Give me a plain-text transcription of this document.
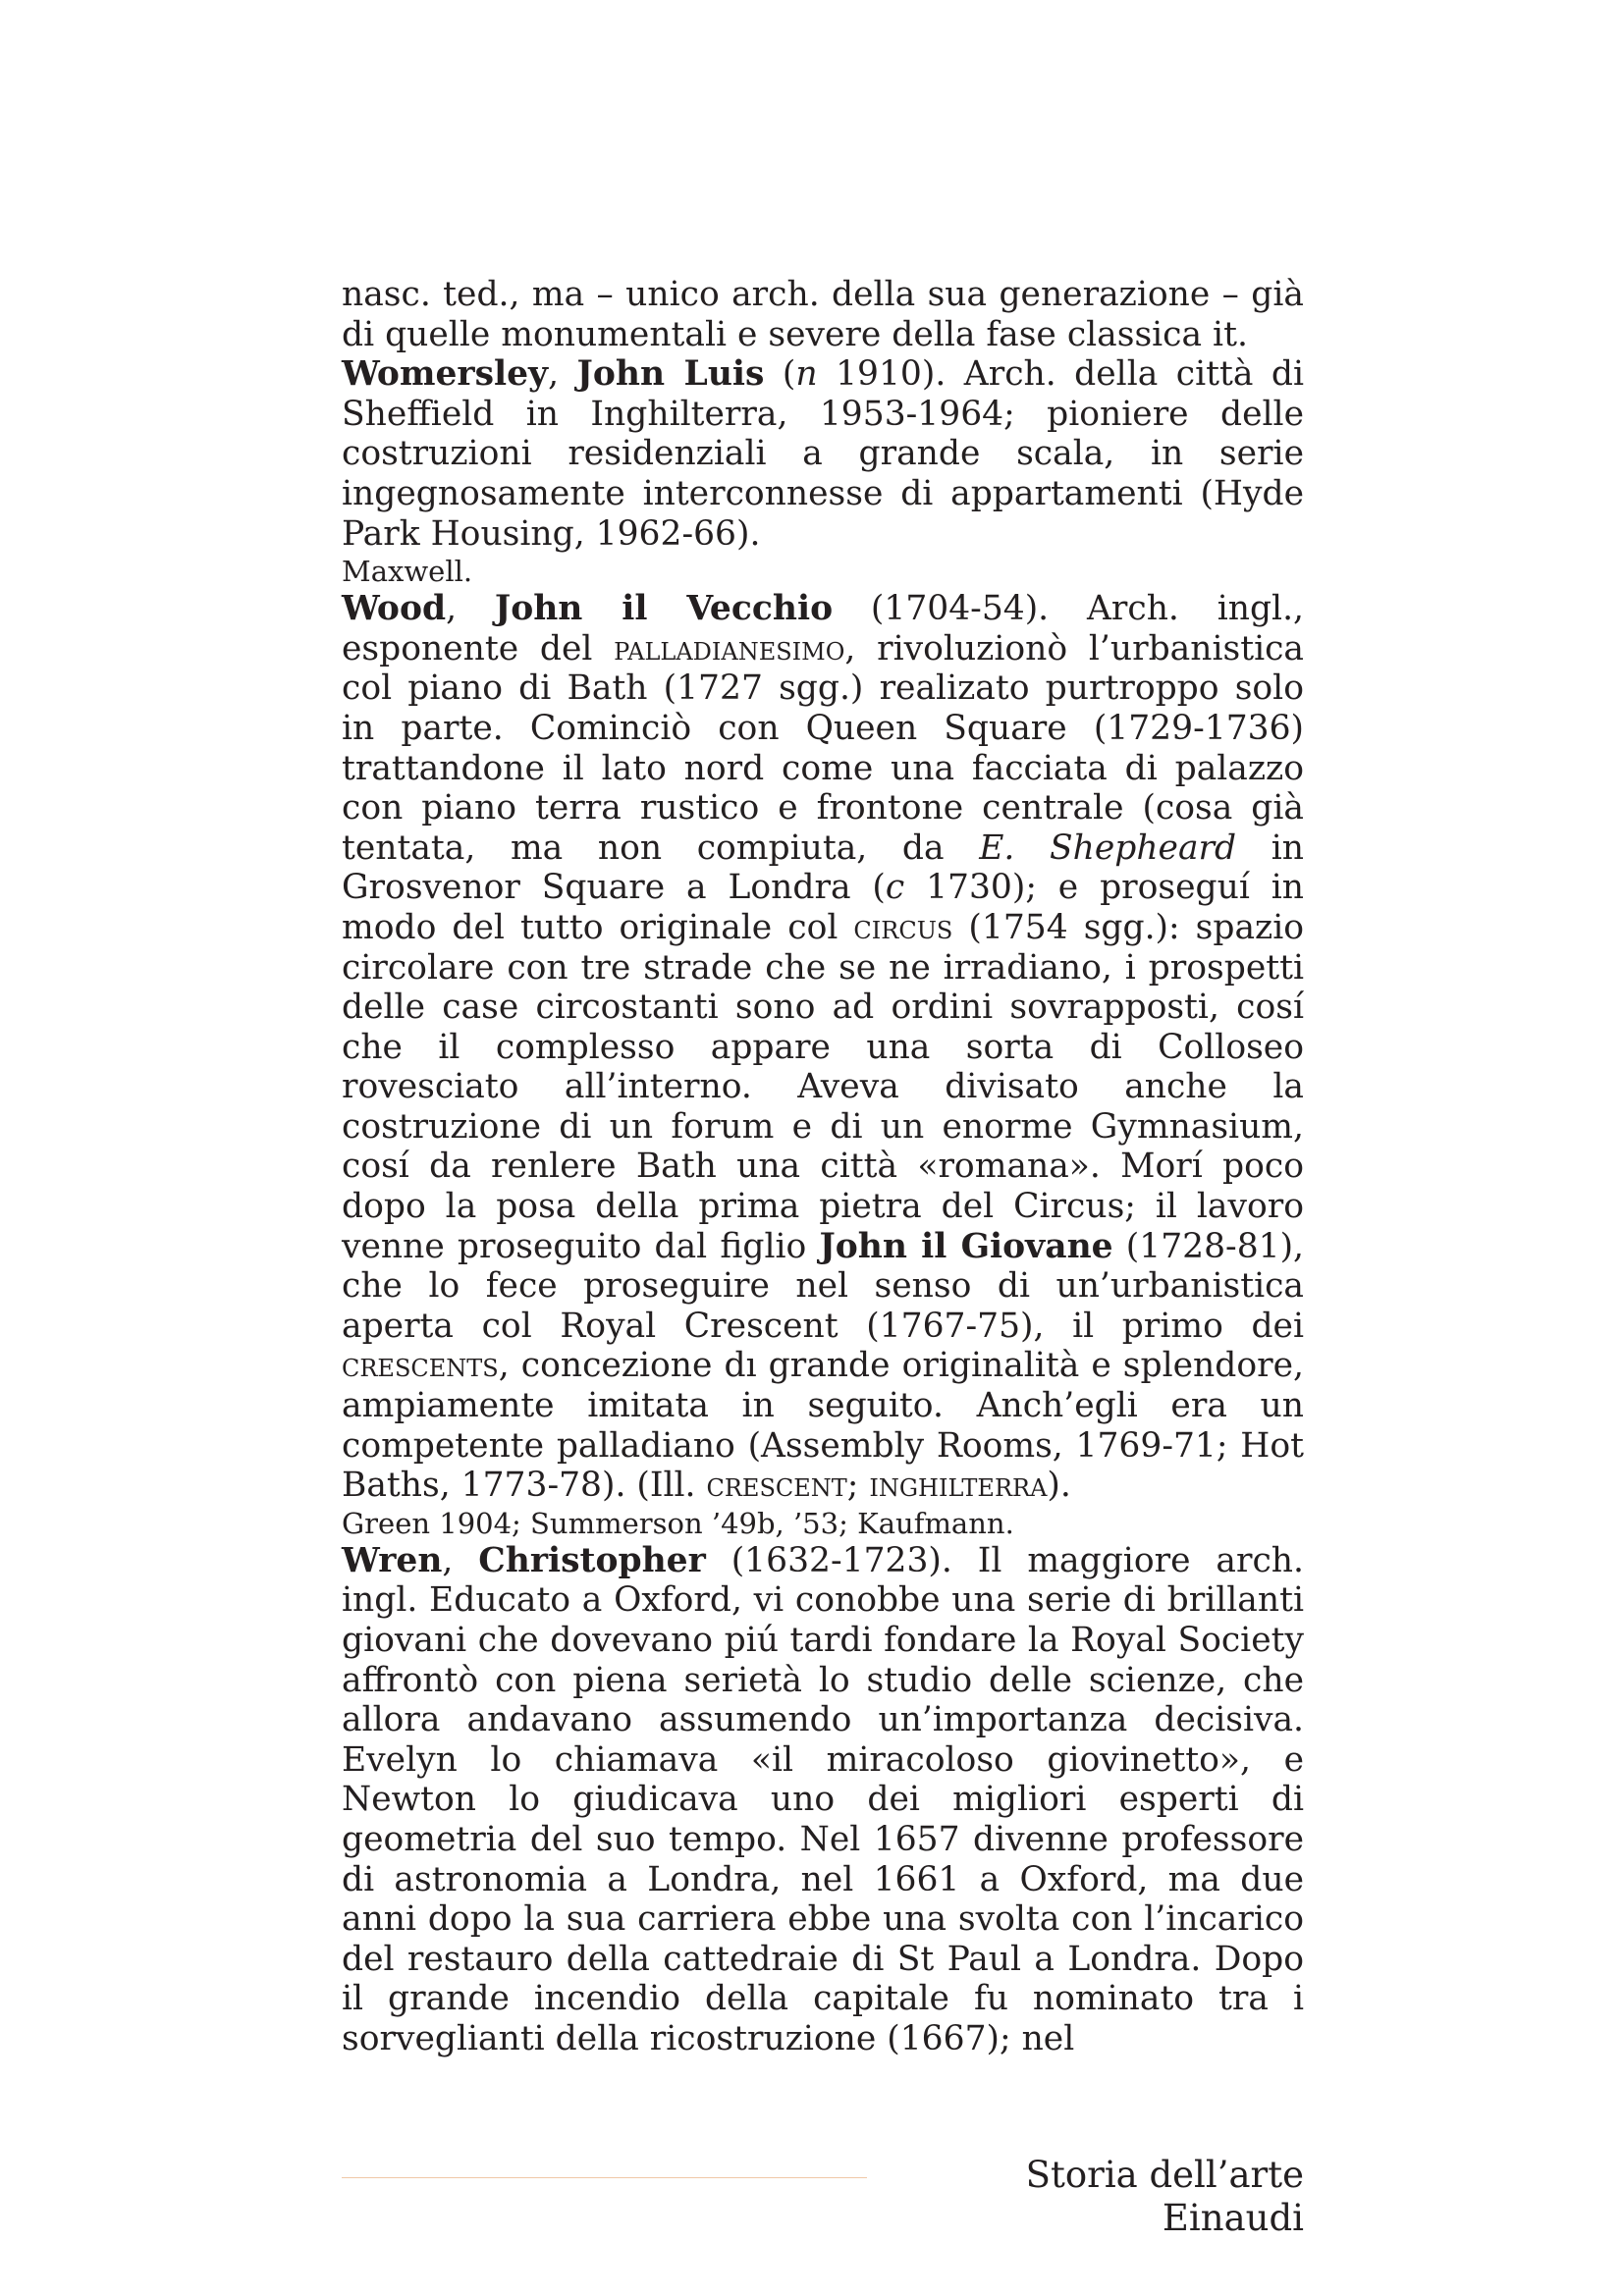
nasc. ted., ma – unico arch. della sua generazione – già di quelle monumentali e severe della fase classica it.

Womersley, John Luis (n 1910). Arch. della città di Sheffield in Inghilterra, 1953-1964; pioniere delle costruzioni residenziali a grande scala, in serie ingegnosamente interconnesse di appartamenti (Hyde Park Housing, 1962-66).

Maxwell.

Wood, John il Vecchio (1704-54). Arch. ingl., esponente del palladianesimo, rivoluzionò l’urbanistica col piano di Bath (1727 sgg.) realizato purtroppo solo in parte. Cominciò con Queen Square (1729-1736) trattandone il lato nord come una facciata di palazzo con piano terra rustico e frontone centrale (cosa già tentata, ma non compiuta, da E. Shepheard in Grosvenor Square a Londra (c 1730); e proseguí in modo del tutto originale col circus (1754 sgg.): spazio circolare con tre strade che se ne irradiano, i prospetti delle case circostanti sono ad ordini sovrapposti, cosí che il complesso appare una sorta di Colloseo rovesciato all’interno. Aveva divisato anche la costruzione di un forum e di un enorme Gymnasium, cosí da renlere Bath una città «romana». Morí poco dopo la posa della prima pietra del Circus; il lavoro venne proseguito dal figlio John il Giovane (1728-81), che lo fece proseguire nel senso di un’urbanistica aperta col Royal Crescent (1767-75), il primo dei crescents, concezione dı grande originalità e splendore, ampiamente imitata in seguito. Anch’egli era un competente palladiano (Assembly Rooms, 1769-71; Hot Baths, 1773-78). (Ill. crescent; inghilterra).

Green 1904; Summerson ’49b, ’53; Kaufmann.

Wren, Christopher (1632-1723). Il maggiore arch. ingl. Educato a Oxford, vi conobbe una serie di brillanti giovani che dovevano piú tardi fondare la Royal Society affrontò con piena serietà lo studio delle scienze, che allora andavano assumendo un’importanza decisiva. Evelyn lo chiamava «il miracoloso giovinetto», e Newton lo giudicava uno dei migliori esperti di geometria del suo tempo. Nel 1657 divenne professore di astronomia a Londra, nel 1661 a Oxford, ma due anni dopo la sua carriera ebbe una svolta con l’incarico del restauro della cattedraie di St Paul a Londra. Dopo il grande incendio della capitale fu nominato tra i sorveglianti della ricostruzione (1667); nel

Storia dell’arte Einaudi
